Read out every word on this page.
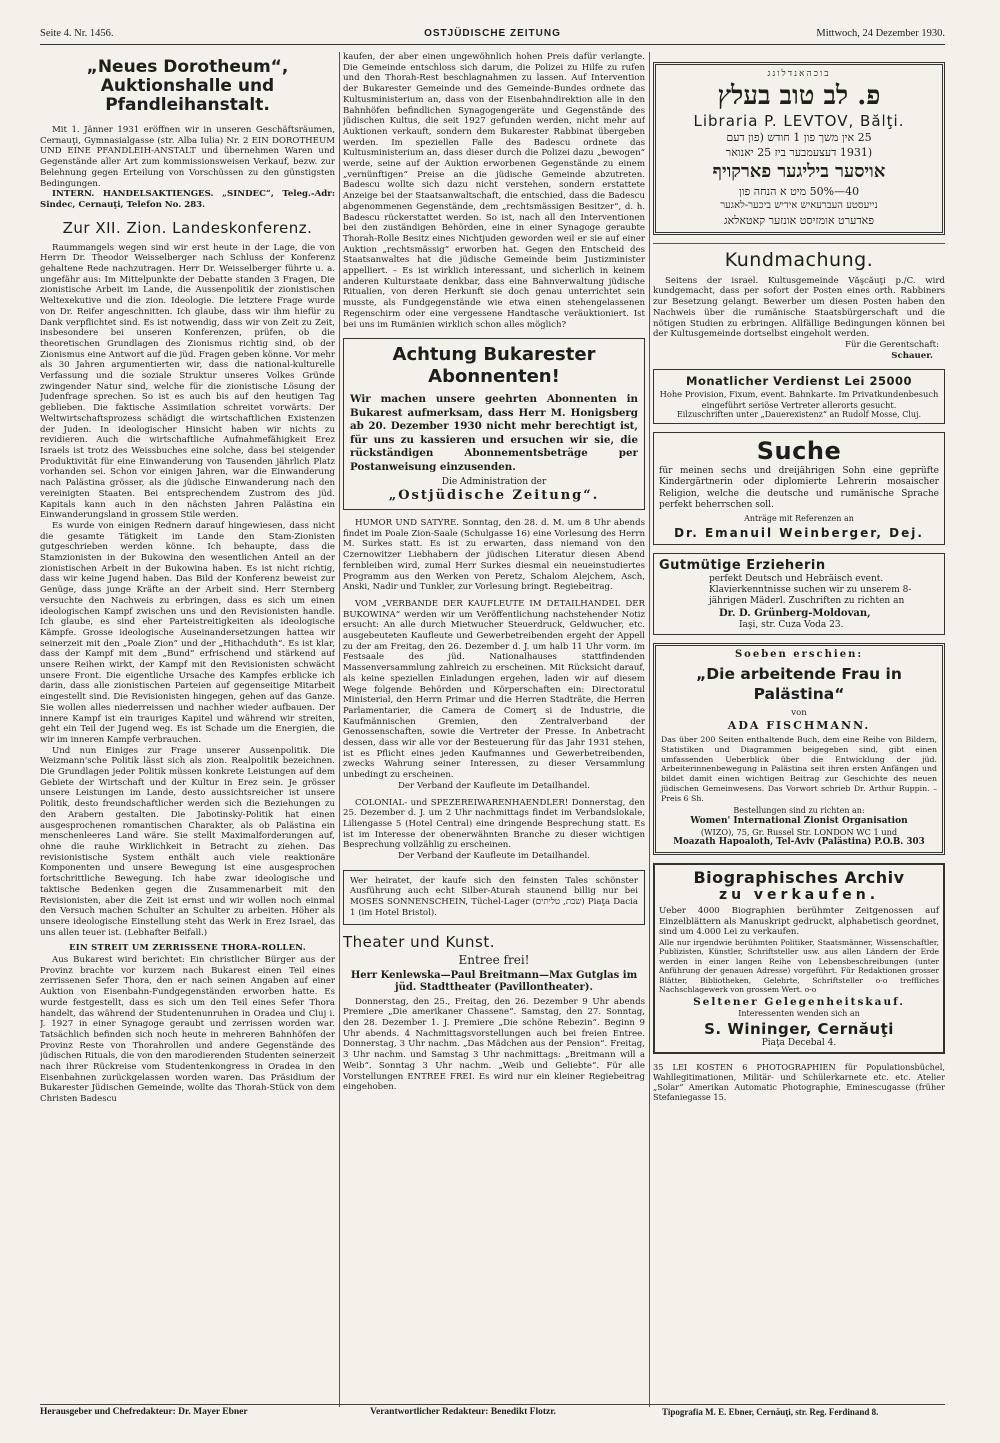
OSTJÜDISCHE ZEITUNG
Seite 4. Nr. 1456.	Mittwoch, 24 Dezember 1930.
„Neues Dorotheum“, Auktionshalle und Pfandleihanstalt.

Mit 1. Jänner 1931 eröffnen wir in unseren Geschäftsräumen, Cernauţi, Gymnasialgasse (str. Alba Iulia) Nr. 2 EIN DOROTHEUM UND EINE PFANDLEIH-ANSTALT und übernehmen Waren und Gegenstände aller Art zum kommissionsweisen Verkauf, bezw. zur Belehnung gegen Erteilung von Vorschüssen zu den günstigsten Bedingungen.

INTERN. HANDELSAKTIENGES. „SINDEC“, Teleg.-Adr: Sindec, Cernauţi, Telefon No. 283.

Zur XII. Zion. Landeskonferenz.

Raummangels wegen sind wir erst heute in der Lage, die von Herrn Dr. Theodor Weisselberger nach Schluss der Konferenz gehaltene Rede nachzutragen. Herr Dr. Weisselberger führte u. a. ungefähr aus: Im Mittelpunkte der Debatte standen 3 Fragen, Die zionistische Arbeit im Lande, die Aussenpolitik der zionistischen Weltexekutive und die zion. Ideologie. Die letztere Frage wurde von Dr. Reifer angeschnitten. Ich glaube, dass wir ihm hiefür zu Dank verpflichtet sind. Es ist notwendig, dass wir von Zeit zu Zeit, insbesondere bei unseren Konferenzen, prüfen, ob die theoretischen Grundlagen des Zionismus richtig sind, ob der Zionismus eine Antwort auf die jüd. Fragen geben könne. Vor mehr als 30 Jahren argumentierten wir, dass die national-kulturelle Verfassung und die soziale Struktur unseres Volkes Gründe zwingender Natur sind, welche für die zionistische Lösung der Judenfrage sprechen. So ist es auch bis auf den heutigen Tag geblieben. Die faktische Assimilation schreitet vorwärts. Der Weltwirtschaftsprozess schädigt die wirtschaftlichen Existenzen der Juden. In ideologischer Hinsicht haben wir nichts zu revidieren. Auch die wirtschaftliche Aufnahmefähigkeit Erez Israels ist trotz des Weissbuches eine solche, dass bei steigender Produktivität für eine Einwanderung von Tausenden jährlich Platz vorhanden sei. Schon vor einigen Jahren, war die Einwanderung nach Palästina grösser, als die jüdische Einwanderung nach den vereinigten Staaten. Bei entsprechendem Zustrom des jüd. Kapitals kann auch in den nächsten Jahren Palästina ein Einwanderungsland in grossem Stile werden.

Es wurde von einigen Rednern darauf hingewiesen, dass nicht die gesamte Tätigkeit im Lande den Stam-Zionisten gutgeschrieben werden könne. Ich behaupte, dass die Stamzionisten in der Bukowina den wesentlichen Anteil an der zionistischen Arbeit in der Bukowina haben. Es ist nicht richtig, dass wir keine Jugend haben. Das Bild der Konferenz beweist zur Genüge, dass junge Kräfte an der Arbeit sind. Herr Sternberg versuchte den Nachweis zu erbringen, dass es sich um einen ideologischen Kampf zwischen uns und den Revisionisten handle. Ich glaube, es sind eher Parteistreitigkeiten als ideologische Kämpfe. Grosse ideologische Auseinandersetzungen hattea wir seinerzeit mit den „Poale Zion“ und der „Hithachduth“. Es ist klar, dass der Kampf mit dem „Bund“ erfrischend und stärkend auf unsere Reihen wirkt, der Kampf mit den Revisionisten schwächt unsere Front. Die eigentliche Ursache des Kampfes erblicke ich darin, dass alle zionistischen Parteien auf gegenseitige Mitarbeit eingestellt sind. Die Revisionisten hingegen, gehen auf das Ganze. Sie wollen alles niederreissen und nachher wieder aufbauen. Der innere Kampf ist ein trauriges Kapitel und während wir streiten, geht ein Teil der Jugend weg. Es ist Schade um die Energien, die wir im inneren Kampfe verbrauchen.

Und nun Einiges zur Frage unserer Aussenpolitik. Die Weizmann'sche Politik lässt sich als zion. Realpolitik bezeichnen. Die Grundlagen jeder Politik müssen konkrete Leistungen auf dem Gebiete der Wirtschaft und der Kultur in Erez sein. Je grösser unsere Leistungen im Lande, desto aussichtsreicher ist unsere Politik, desto freundschaftlicher werden sich die Beziehungen zu den Arabern gestalten. Die Jabotinsky-Politik hat einen ausgesprochenen romantischen Charakter, als ob Palästina ein menschenleeres Land wäre. Sie stellt Maximalforderungen auf, ohne die rauhe Wirklichkeit in Betracht zu ziehen. Das revisionistische System enthält auch viele reaktionäre Komponenten und unsere Bewegung ist eine ausgesprochen fortschrittliche Bewegung. Ich habe zwar ideologische und taktische Bedenken gegen die Zusammenarbeit mit den Revisionisten, aber die Zeit ist ernst und wir wollen noch einmal den Versuch machen Schulter an Schulter zu arbeiten. Höher als unsere ideologische Einstellung steht das Werk in Erez Israel, das uns allen teuer ist. (Lebhafter Beifall.)

EIN STREIT UM ZERRISSENE THORA-ROLLEN.

Aus Bukarest wird berichtet: Ein christlicher Bürger aus der Provinz brachte vor kurzem nach Bukarest einen Teil eines zerrissenen Sefer Thora, den er nach seinen Angaben auf einer Auktion von Eisenbahn-Fundgegenständen erworben hatte. Es wurde festgestellt, dass es sich um den Teil eines Sefer Thora handelt, das während der Studentenunruhen in Oradea und Cluj i. J. 1927 in einer Synagoge geraubt und zerrissen worden war. Tatsächlich befinden sich noch heute in mehreren Bahnhöfen der Provinz Reste von Thorahrollen und andere Gegenstände des jüdischen Rituals, die von den marodierenden Studenten seinerzeit nach ihrer Rückreise vom Studentenkongress in Oradea in den Eisenbahnen zurückgelassen worden waren. Das Präsidium der Bukarester Jüdischen Gemeinde, wollte das Thorah-Stück von dem Christen Badescu

kaufen, der aber einen ungewöhnlich hohen Preis dafür verlangte. Die Gemeinde entschloss sich darum, die Polizei zu Hilfe zu rufen und den Thorah-Rest beschlagnahmen zu lassen. Auf Intervention der Bukarester Gemeinde und des Gemeinde-Bundes ordnete das Kultusministerium an, dass von der Eisenbahndirektion alle in den Bahnhöfen befindlichen Synagogengeräte und Gegenstände des jüdischen Kultus, die seit 1927 gefunden werden, nicht mehr auf Auktionen verkauft, sondern dem Bukarester Rabbinat übergeben werden. Im speziellen Falle des Badescu ordnete das Kultusministerium an, dass dieser durch die Polizei dazu „bewogen“ werde, seine auf der Auktion erworbenen Gegenstände zu einem „vernünftigen“ Preise an die jüdische Gemeinde abzutreten. Badescu wollte sich dazu nicht verstehen, sondern erstattete Anzeige bei der Staatsanwaltschaft, die entschied, dass die Badescu abgenommenen Gegenstände, dem „rechtsmässigen Besitzer“, d. h. Badescu rückerstattet werden. So ist, nach all den Interventionen bei den zuständigen Behörden, eine in einer Synagoge geraubte Thorah-Rolle Besitz eines Nichtjuden geworden weil er sie auf einer Auktion „rechtsmässig“ erworben hat. Gegen den Entscheid des Staatsanwaltes hat die jüdische Gemeinde beim Justizminister appelliert. – Es ist wirklich interessant, und sicherlich in keinem anderen Kulturstaate denkbar, dass eine Bahnverwaltung jüdische Ritualien, von deren Herkunft sie doch genau unterrichtet sein musste, als Fundgegenstände wie etwa einen stehengelassenen Regenschirm oder eine vergessene Handtasche veräuktioniert. Ist bei uns im Rumänien wirklich schon alles möglich?

Achtung Bukarester Abonnenten!
Wir machen unsere geehrten Abonnenten in Bukarest aufmerksam, dass Herr M. Honigsberg ab 20. Dezember 1930 nicht mehr berechtigt ist, für uns zu kassieren und ersuchen wir sie, die rückständigen Abonnementsbeträge per Postanweisung einzusenden.
Die Administration der
„Ostjüdische Zeitung“.

HUMOR UND SATYRE. Sonntag, den 28. d. M. um 8 Uhr abends findet im Poale Zion-Saale (Schulgasse 16) eine Vorlesung des Herrn M. Surkes statt. Es ist zu erwarten, dass niemand von den Czernowitzer Liebhabern der jüdischen Literatur diesen Abend fernbleiben wird, zumal Herr Surkes diesmal ein neueinstudiertes Programm aus den Werken von Peretz, Schalom Alejchem, Asch, Anski, Nadir und Tunkler, zur Vorlesung bringt. Regiebeitrag.

VOM „VERBANDE DER KAUFLEUTE IM DETAILHANDEL DER BUKOWINA“ werden wir um Veröffentlichung nachstehender Notiz ersucht: An alle durch Mietwucher Steuerdruck, Geldwucher, etc. ausgebeuteten Kaufleute und Gewerbetreibenden ergeht der Appell zu der am Freitag, den 26. Dezember d. J. um halb 11 Uhr vorm. im Festsaale des jüd. Nationalhauses stattfindenden Massenversammlung zahlreich zu erscheinen. Mit Rücksicht darauf, als keine speziellen Einladungen ergehen, laden wir auf diesem Wege folgende Behörden und Körperschaften ein: Directoratul Ministerial, den Herrn Primar und die Herren Stadträte, die Herren Parlamentarier, die Camera de Comerţ si de Industrie, die Kaufmännischen Gremien, den Zentralverband der Genossenschaften, sowie die Vertreter der Presse. In Anbetracht dessen, dass wir alle vor der Besteuerung für das Jahr 1931 stehen, ist es Pflicht eines jeden Kaufmannes und Gewerbetreibenden, zwecks Wahrung seiner Interessen, zu dieser Versammlung unbedingt zu erscheinen.

Der Verband der Kaufleute im Detailhandel.

COLONIAL- und SPEZEREIWARENHAENDLER! Donnerstag, den 25. Dezember d. J. um 2 Uhr nachmittags findet im Verbandslokale, Liliengasse 5 (Hotel Central) eine dringende Besprechung statt. Es ist im Interesse der obenerwähnten Branche zu dieser wichtigen Besprechung vollzählig zu erscheinen.

Der Verband der Kaufleute im Detailhandel.
Wer heiratet, der kaufe sich den feinsten Tales schönster Ausführung auch echt Silber-Aturah staunend billig nur bei MOSES SONNENSCHEIN, Tüchel-Lager (שבת, טליתים) Piaţa Dacia 1 (im Hotel Bristol).
Theater und Kunst.
Entree frei!
Herr Kenlewska—Paul Breitmann—Max Gutglas im jüd. Stadttheater (Pavillontheater).

Donnerstag, den 25., Freitag, den 26. Dezember 9 Uhr abends Premiere „Die amerikaner Chassene“. Samstag, den 27. Sonntag, den 28. Dezember 1. J. Premiere „Die schöne Rebezin“. Beginn 9 Uhr abends. 4 Nachmittagsvorstellungen auch bei freien Entree. Donnerstag, 3 Uhr nachm. „Das Mädchen aus der Pension“. Freitag, 3 Uhr nachm. und Samstag 3 Uhr nachmittags: „Breitmann will a Weib“. Sonntag 3 Uhr nachm. „Weib und Geliebte“. Für alle Vorstellungen ENTREE FREI. Es wird nur ein kleiner Regiebeitrag eingehoben.

בוכהאנדלונג
פ. לב טוב בעלץ
Libraria P. LEVTOV, Bălţi.
25 אין משך פון 1 חודש (פון דעם
(1931 דעצעמבער ביז 25 יאנואר
אויסער ביליגער פארקויף
40—50% מיט א הנחה פון
נייעסטע העברעאיש אידיש ביכער-לאגער
פאדערט אומזיסט אונזער קאטאלאג
Kundmachung.

Seitens der israel. Kultusgemeinde Văşcăuţi p./C. wird kundgemacht, dass per sofort der Posten eines orth. Rabbiners zur Besetzung gelangt. Bewerber um diesen Posten haben den Nachweis über die rumänische Staatsbürgerschaft und die nötigen Studien zu erbringen. Allfällige Bedingungen können bei der Kultusgemeinde dortselbst eingeholt werden.

Für die Gerentschaft:
Schauer.
Monatlicher Verdienst Lei 25000
Hohe Provision, Fixum, event. Bahnkarte. Im Privatkundenbesuch eingeführt seriöse Vertreter allerorts gesucht.
Eilzuschriften unter „Dauerexistenz“ an Rudolf Mosse, Cluj.
Suche
für meinen sechs und dreijährigen Sohn eine geprüfte Kindergärtnerin oder diplomierte Lehrerin mosaischer Religion, welche die deutsche und rumänische Sprache perfekt beherrschen soll.
Anträge mit Referenzen an
Dr. Emanuil Weinberger, Dej.
Gutmütige Erzieherin
perfekt Deutsch und Hebräisch event. Klavierkenntnisse suchen wir zu unserem 8-jährigen Mäderl. Zuschriften zu richten an
Dr. D. Grünberg-Moldovan,
Iaşi, str. Cuza Voda 23.
Soeben erschien:
„Die arbeitende Frau in Palästina“
von
ADA FISCHMANN.
Das über 200 Seiten enthaltende Buch, dem eine Reihe von Bildern, Statistiken und Diagrammen beigegeben sind, gibt einen umfassenden Ueberblick über die Entwicklung der jüd. Arbeiterinnenbewegung in Palästina seit ihren ersten Anfängen und bildet damit einen wichtigen Beitrag zur Geschichte des neuen jüdischen Gemeinwesens. Das Vorwort schrieb Dr. Arthur Ruppin. – Preis 6 Sh.
Bestellungen sind zu richten an:
Women' International Zionist Organisation
(WIZO), 75, Gr. Russel Str. LONDON WC 1 und
Moazath Hapoaloth, Tel-Aviv (Palästina) P.O.B. 303
Biographisches Archiv
zu verkaufen.
Ueber 4000 Biographien berühmter Zeitgenossen auf Einzelblättern als Manuskript gedruckt, alphabetisch geordnet, sind um 4.000 Lei zu verkaufen.
Alle nur irgendwie berühmten Politiker, Staatsmänner, Wissenschaftler, Publizisten, Künstler, Schriftsteller usw. aus allen Ländern der Erde werden in einer langen Reihe von Lebensbeschreibungen (unter Anführung der genauen Adresse) vorgeführt. Für Redaktionen grosser Blätter, Bibliotheken, Gelehrte, Schriftsteller o-o treffliches Nachschlagewerk von grossem Wert. o-o
Seltener Gelegenheitskauf.
Interessenten wenden sich an
S. Wininger, Cernăuţi
Piaţa Decebal 4.

35 LEI KOSTEN 6 PHOTOGRAPHIEN für Populationsbüchel, Wahllegitimationen, Militär- und Schülerkarnete etc. etc. Atelier „Solar“ Amerikan Automatic Photographie, Eminescugasse (früher Stefaniegasse 15.

Herausgeber und Chefredakteur: Dr. Mayer Ebner	Verantwortlicher Redakteur: Benedikt Flotzr.	Tipografia M. E. Ebner, Cernăuţi, str. Reg. Ferdinand 8.
